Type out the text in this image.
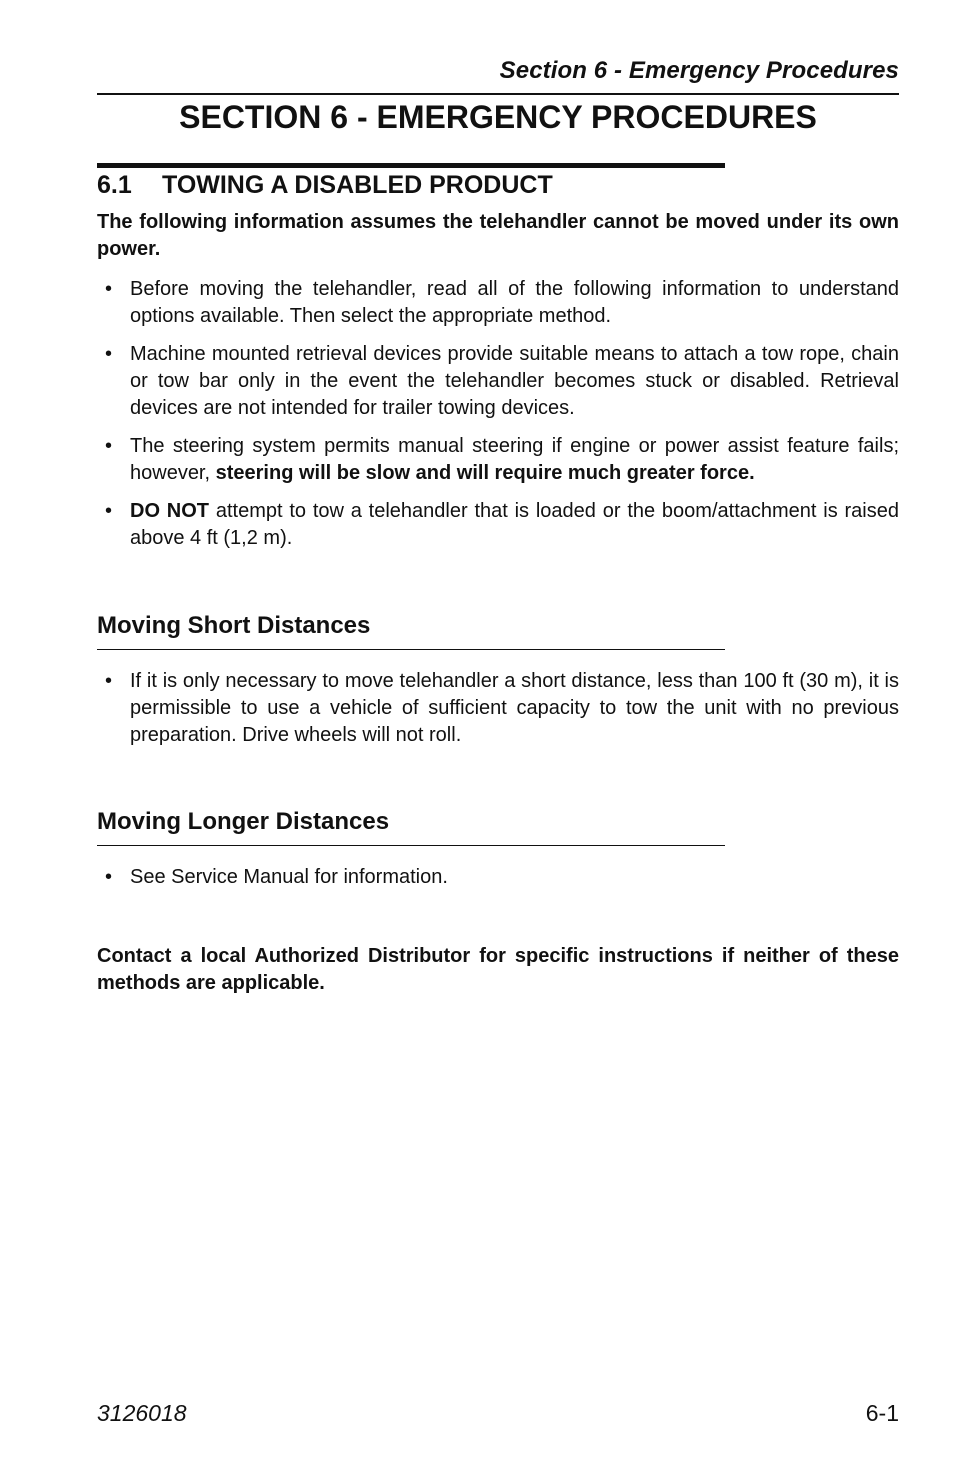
Section 6 - Emergency Procedures
SECTION 6 - EMERGENCY PROCEDURES
6.1 TOWING A DISABLED PRODUCT
The following information assumes the telehandler cannot be moved under its own power.
• Before moving the telehandler, read all of the following information to understand options available. Then select the appropriate method.
• Machine mounted retrieval devices provide suitable means to attach a tow rope, chain or tow bar only in the event the telehandler becomes stuck or disabled. Retrieval devices are not intended for trailer towing devices.
• The steering system permits manual steering if engine or power assist feature fails; however, steering will be slow and will require much greater force.
• DO NOT attempt to tow a telehandler that is loaded or the boom/attachment is raised above 4 ft (1,2 m).
Moving Short Distances
• If it is only necessary to move telehandler a short distance, less than 100 ft (30 m), it is permissible to use a vehicle of sufficient capacity to tow the unit with no previous preparation. Drive wheels will not roll.
Moving Longer Distances
• See Service Manual for information.
Contact a local Authorized Distributor for specific instructions if neither of these methods are applicable.
3126018	6-1
